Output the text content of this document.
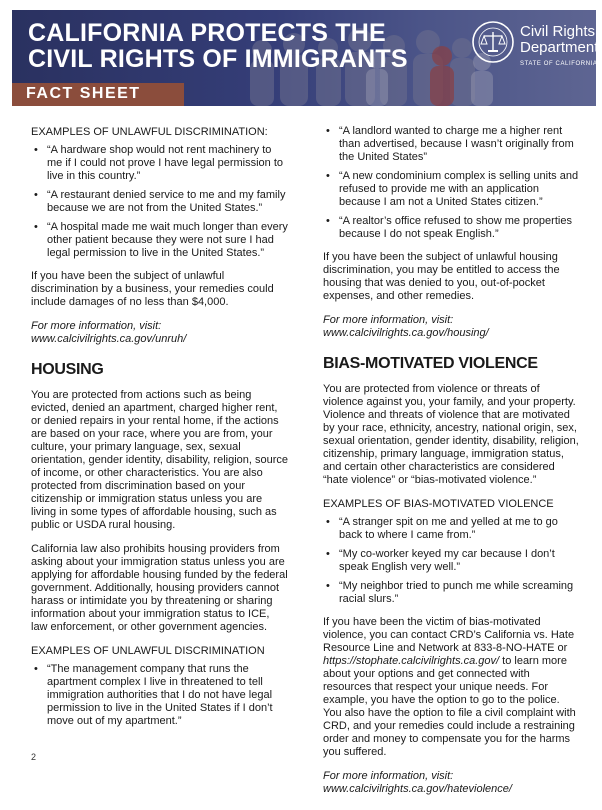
CALIFORNIA PROTECTS THE
CIVIL RIGHTS OF IMMIGRANTS
FACT SHEET
Civil Rights
Department
STATE OF CALIFORNIA
EXAMPLES OF UNLAWFUL DISCRIMINATION:
• “A hardware shop would not rent machinery to me if I could not prove I have legal permission to live in this country.”
• “A restaurant denied service to me and my family because we are not from the United States.”
• “A hospital made me wait much longer than every other patient because they were not sure I had legal permission to live in the United States.”

If you have been the subject of unlawful discrimination by a business, your remedies could include damages of no less than $4,000.

For more information, visit:
www.calcivilrights.ca.gov/unruh/

HOUSING

You are protected from actions such as being evicted, denied an apartment, charged higher rent, or denied repairs in your rental home, if the actions are based on your race, where you are from, your culture, your primary language, sex, sexual orientation, gender identity, disability, religion, source of income, or other characteristics. You are also protected from discrimination based on your citizenship or immigration status unless you are living in some types of affordable housing, such as public or USDA rural housing.

California law also prohibits housing providers from asking about your immigration status unless you are applying for affordable housing funded by the federal government. Additionally, housing providers cannot harass or intimidate you by threatening or sharing information about your immigration status to ICE, law enforcement, or other government agencies.

EXAMPLES OF UNLAWFUL DISCRIMINATION
• “The management company that runs the apartment complex I live in threatened to tell immigration authorities that I do not have legal permission to live in the United States if I don’t move out of my apartment.”
• “A landlord wanted to charge me a higher rent than advertised, because I wasn’t originally from the United States”
• “A new condominium complex is selling units and refused to provide me with an application because I am not a United States citizen.”
• “A realtor’s office refused to show me properties because I do not speak English.”

If you have been the subject of unlawful housing discrimination, you may be entitled to access the housing that was denied to you, out-of-pocket expenses, and other remedies.

For more information, visit:
www.calcivilrights.ca.gov/housing/

BIAS-MOTIVATED VIOLENCE

You are protected from violence or threats of violence against you, your family, and your property. Violence and threats of violence that are motivated by your race, ethnicity, ancestry, national origin, sex, sexual orientation, gender identity, disability, religion, citizenship, primary language, immigration status, and certain other characteristics are considered “hate violence” or “bias-motivated violence.”

EXAMPLES OF BIAS-MOTIVATED VIOLENCE
• “A stranger spit on me and yelled at me to go back to where I came from.”
• “My co-worker keyed my car because I don’t speak English very well.”
• “My neighbor tried to punch me while screaming racial slurs.”

If you have been the victim of bias-motivated violence, you can contact CRD’s California vs. Hate Resource Line and Network at 833-8-NO-HATE or https://stophate.calcivilrights.ca.gov/ to learn more about your options and get connected with resources that respect your unique needs. For example, you have the option to go to the police. You also have the option to file a civil complaint with CRD, and your remedies could include a restraining order and money to compensate you for the harms you suffered.

For more information, visit:
www.calcivilrights.ca.gov/hateviolence/

2
